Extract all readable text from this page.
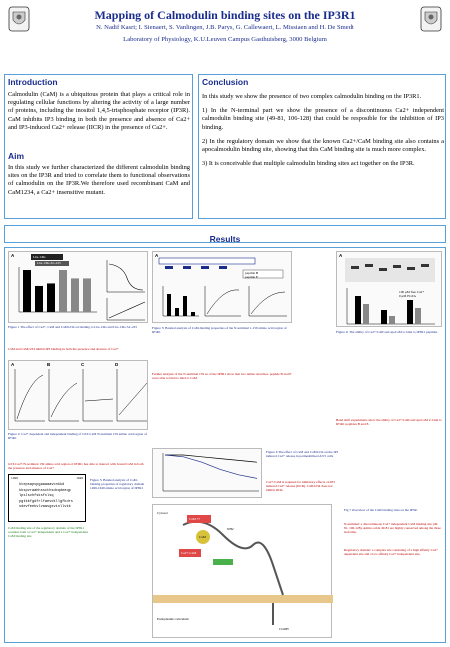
Mapping of Calmodulin binding sites on the IP3R1
N. Nadif Kasri; I. Sienaert, S. Vanlingen, J.B. Parys, G. Callewaert, L. Missiaen and H. De Smedt
Laboratory of Physiology, K.U.Leuven Campus Gasthuisberg, 3000 Belgium
Introduction
Calmodulin (CaM) is a ubiquitous protein that plays a critical role in regulating cellular functions by altering the activity of a large number of proteins, including the inositol 1,4,5-trisphosphate receptor (IP3R). CaM inhibits IP3 binding in both the presence and absence of Ca2+ and IP3-induced Ca2+ release (IICR) in the presence of Ca2+.
Aim
In this study we further characterized the different calmodulin binding sites on the IP3R and tried to correlate them to functional observations of calmodulin on the IP3R.We therefore used recombinant CaM and CaM1234, a Ca2+ insensitive mutant.
Conclusion

In this study we show the presence of two complex calmodulin binding on the IP3R1.

1) In the N-terminal part we show the presence of a discontinuous Ca2+ independent calmodulin binding site (49-81, 106-128) that could be resposible for the inhibition of IP3 binding.

2) In the regulatory domain we show that the known Ca2+/CaM binding site also contains a apocalmodulin binding site, showing that this CaM binding site is much more complex.

3) It is conceivable that multiple calmodulin binding sites act together on the IP3R.

Results
A	Lbs-1/Rs
Lbs-1/Rs ΔL-225
Figure 1 The effect of Ca2+, CaM and CaM1234 on binding to Lbs-1/Rs and Lbs-1/Rs ΔL-225
CaM and CaM1234 inhibit IP3 binding in both the presence and absence of Ca2+
A	B	C	D
Figure 2: Ca2+ dependent and independent binding of GST-CaM N-terminal 159 amino acid region of IP3R1
GST-Ca2+/N-terminal 159 amino acid region of IP3R1 has able to interact with bound CaM in both the presence and absence of Ca2+
1499	1649
ktepsapvpgaaaaavcnkkd
kkspvraahhsscthsdcqdeeqp
lpslsvhfsksfslsq
pgtkkfgdfrlfaevdtllgfkdrs
sdevfeekvlvaasgsvinllvkk
Figure 5: Banded analysis of CaM-binding properties of regulatory domain 1499-1649 amino acid region of IP3R1
CaM binding site of the regulatory domain of the IP3R1 contains both a Ca2+ independent and a Ca2+ independent CaM binding site
A
peptide B
peptide E
Figure 3: Banded analysis of CaM-binding properties of the N-terminal 1-159 amino acid region of IP3R1
Further analysis of the N-terminal 159 aa of the IP3R1 show that two amino stretches, peptide B and E were able to bind to bind to CaM
Figure 6 The effect of CaM and CaM1234 on the IP3 induced Ca2+ release in permeabilised A7r5 cells
Ca2+/CaM is required for inhibitory effects on IP3 induced Ca2+ release (IICR). CaM1234 does not inhibit IICR.
Cytosol
CaM 77
Ca2+-CaM
CaM
NH2
COOH
Endoplasmic reticulum
A
100 μM free Ca2+
0 μM EGTA
Figure 4: The ability of Ca2+/CaM and apoCaM to bind to IP3R1 peptides
Band shift experiments show the ability of Ca2+/CaM and apoCaM to bind to IP3R1 peptides B and E.
Fig 7 Overview of the CaM binding sites on the IP3R.
N-terminal: a discontinuous Ca2+ independent CaM binding site (49-81, 106-128). Amino acids 49-81 are highly conserved among the three isoforms.
Regulatory domain: a complex site consisting of a high affinity Ca2+ dependent site and a low affinity Ca2+ independent site.
